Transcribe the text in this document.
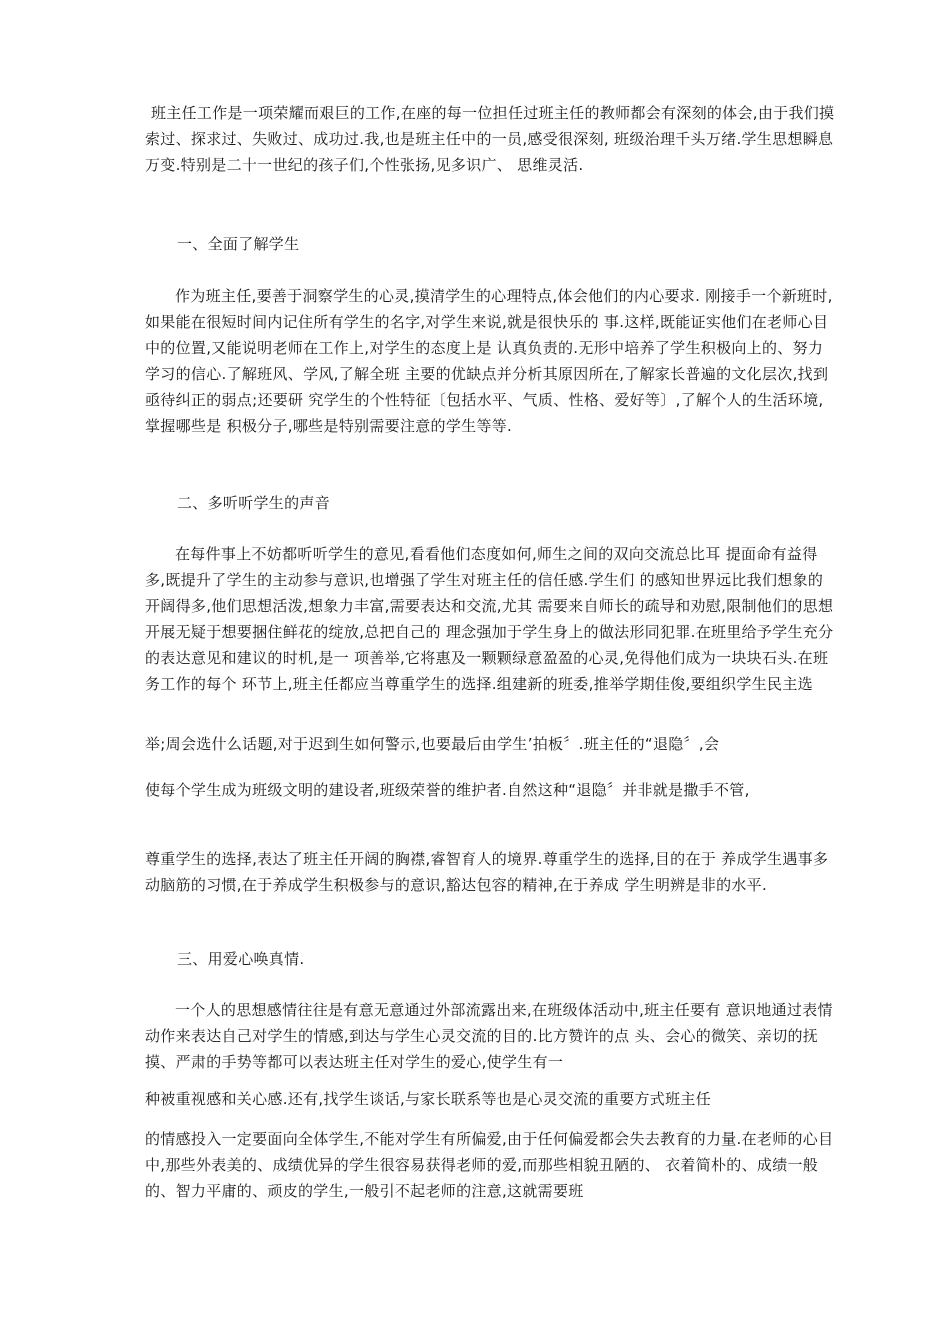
班主任工作是一项荣耀而艰巨的工作,在座的每一位担任过班主任的教师都会有深刻的体会,由于我们摸索过、探求过、失败过、成功过.我,也是班主任中的一员,感受很深刻, 班级治理千头万绪.学生思想瞬息万变.特别是二十一世纪的孩子们,个性张扬,见多识广、 思维灵活.

一、全面了解学生

作为班主任,要善于洞察学生的心灵,摸清学生的心理特点,体会他们的内心要求. 刚接手一个新班时,如果能在很短时间内记住所有学生的名字,对学生来说,就是很快乐的 事.这样,既能证实他们在老师心目中的位置,又能说明老师在工作上,对学生的态度上是 认真负责的.无形中培养了学生积极向上的、努力学习的信心.了解班风、学风,了解全班 主要的优缺点并分析其原因所在,了解家长普遍的文化层次,找到亟待纠正的弱点;还要研 究学生的个性特征〔包括水平、气质、性格、爱好等〕,了解个人的生活环境,掌握哪些是 积极分子,哪些是特别需要注意的学生等等.

二、多听听学生的声音

在每件事上不妨都听听学生的意见,看看他们态度如何,师生之间的双向交流总比耳 提面命有益得多,既提升了学生的主动参与意识,也增强了学生对班主任的信任感.学生们 的感知世界远比我们想象的开阔得多,他们思想活泼,想象力丰富,需要表达和交流,尤其 需要来自师长的疏导和劝慰,限制他们的思想开展无疑于想要捆住鲜花的绽放,总把自己的 理念强加于学生身上的做法形同犯罪.在班里给予学生充分的表达意见和建议的时机,是一 项善举,它将惠及一颗颗绿意盈盈的心灵,免得他们成为一块块石头.在班务工作的每个 环节上,班主任都应当尊重学生的选择.组建新的班委,推举学期佳俊,要组织学生民主选

举;周会选什么话题,对于迟到生如何警示,也要最后由学生’拍板〞.班主任的“退隐〞,会

使每个学生成为班级文明的建设者,班级荣誉的维护者.自然这种“退隐〞并非就是撒手不管,

尊重学生的选择,表达了班主任开阔的胸襟,睿智育人的境界.尊重学生的选择,目的在于 养成学生遇事多动脑筋的习惯,在于养成学生积极参与的意识,豁达包容的精神,在于养成 学生明辨是非的水平.

三、用爱心唤真情.

一个人的思想感情往往是有意无意通过外部流露出来,在班级体活动中,班主任要有 意识地通过表情动作来表达自己对学生的情感,到达与学生心灵交流的目的.比方赞许的点 头、会心的微笑、亲切的抚摸、严肃的手势等都可以表达班主任对学生的爱心,使学生有一

种被重视感和关心感.还有,找学生谈话,与家长联系等也是心灵交流的重要方式班主任

的情感投入一定要面向全体学生,不能对学生有所偏爱,由于任何偏爱都会失去教育的力量.在老师的心目中,那些外表美的、成绩优异的学生很容易获得老师的爱,而那些相貌丑陋的、 衣着简朴的、成绩一般的、智力平庸的、顽皮的学生,一般引不起老师的注意,这就需要班
